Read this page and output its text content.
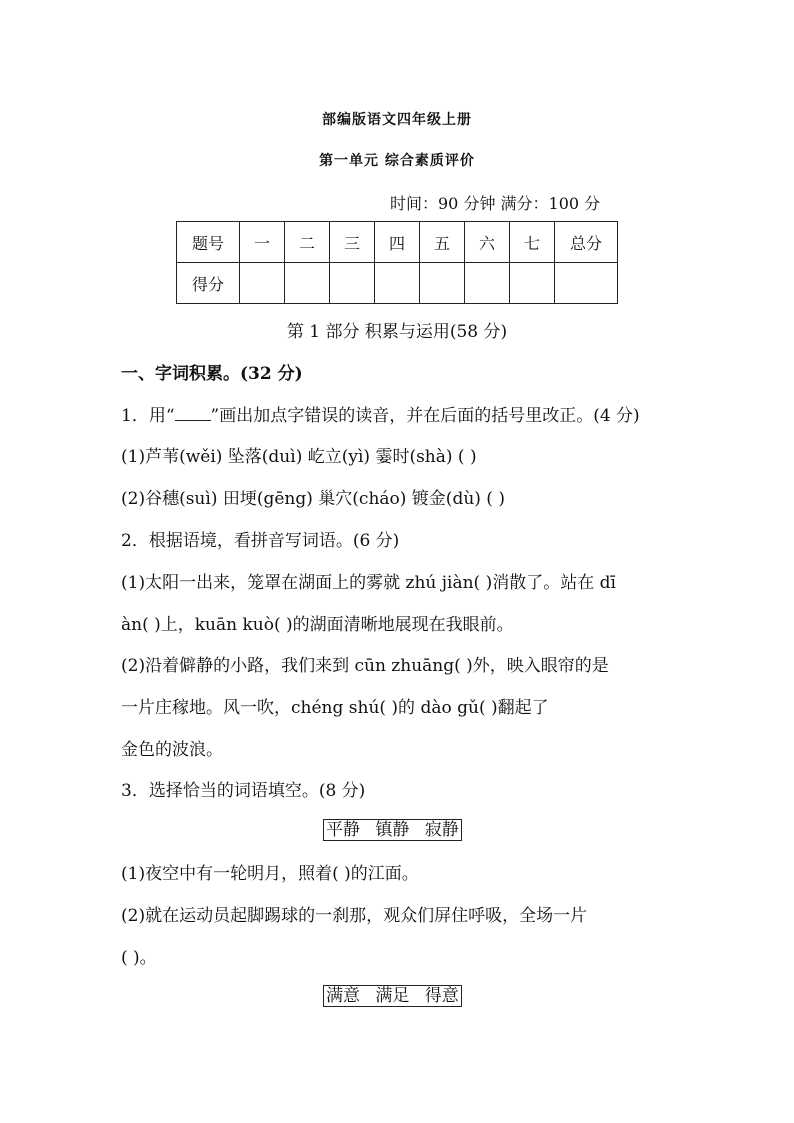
部编版语文四年级上册
第一单元 综合素质评价
时间：90 分钟 满分：100 分
题号	一	二	三	四	五	六	七	总分
得分								
第 1 部分 积累与运用(58 分)
一、字词积累。(32 分)
1．用“ ”画出加点字错误的读音，并在后面的括号里改正。(4 分)
(1)芦苇(wěi) 坠落(duì) 屹立(yì) 霎时(shà) ( )
(2)谷穗(suì) 田埂(gēng) 巢穴(cháo) 镀金(dù) ( )
2．根据语境，看拼音写词语。(6 分)
(1)太阳一出来，笼罩在湖面上的雾就 zhú jiàn( )消散了。站在 dī
àn( )上，kuān kuò( )的湖面清晰地展现在我眼前。
(2)沿着僻静的小路，我们来到 cūn zhuāng( )外，映入眼帘的是
一片庄稼地。风一吹，chéng shú( )的 dào gǔ( )翻起了
金色的波浪。
3．选择恰当的词语填空。(8 分)
平静 镇静 寂静
(1)夜空中有一轮明月，照着( )的江面。
(2)就在运动员起脚踢球的一刹那，观众们屏住呼吸，全场一片
( )。
满意 满足 得意
